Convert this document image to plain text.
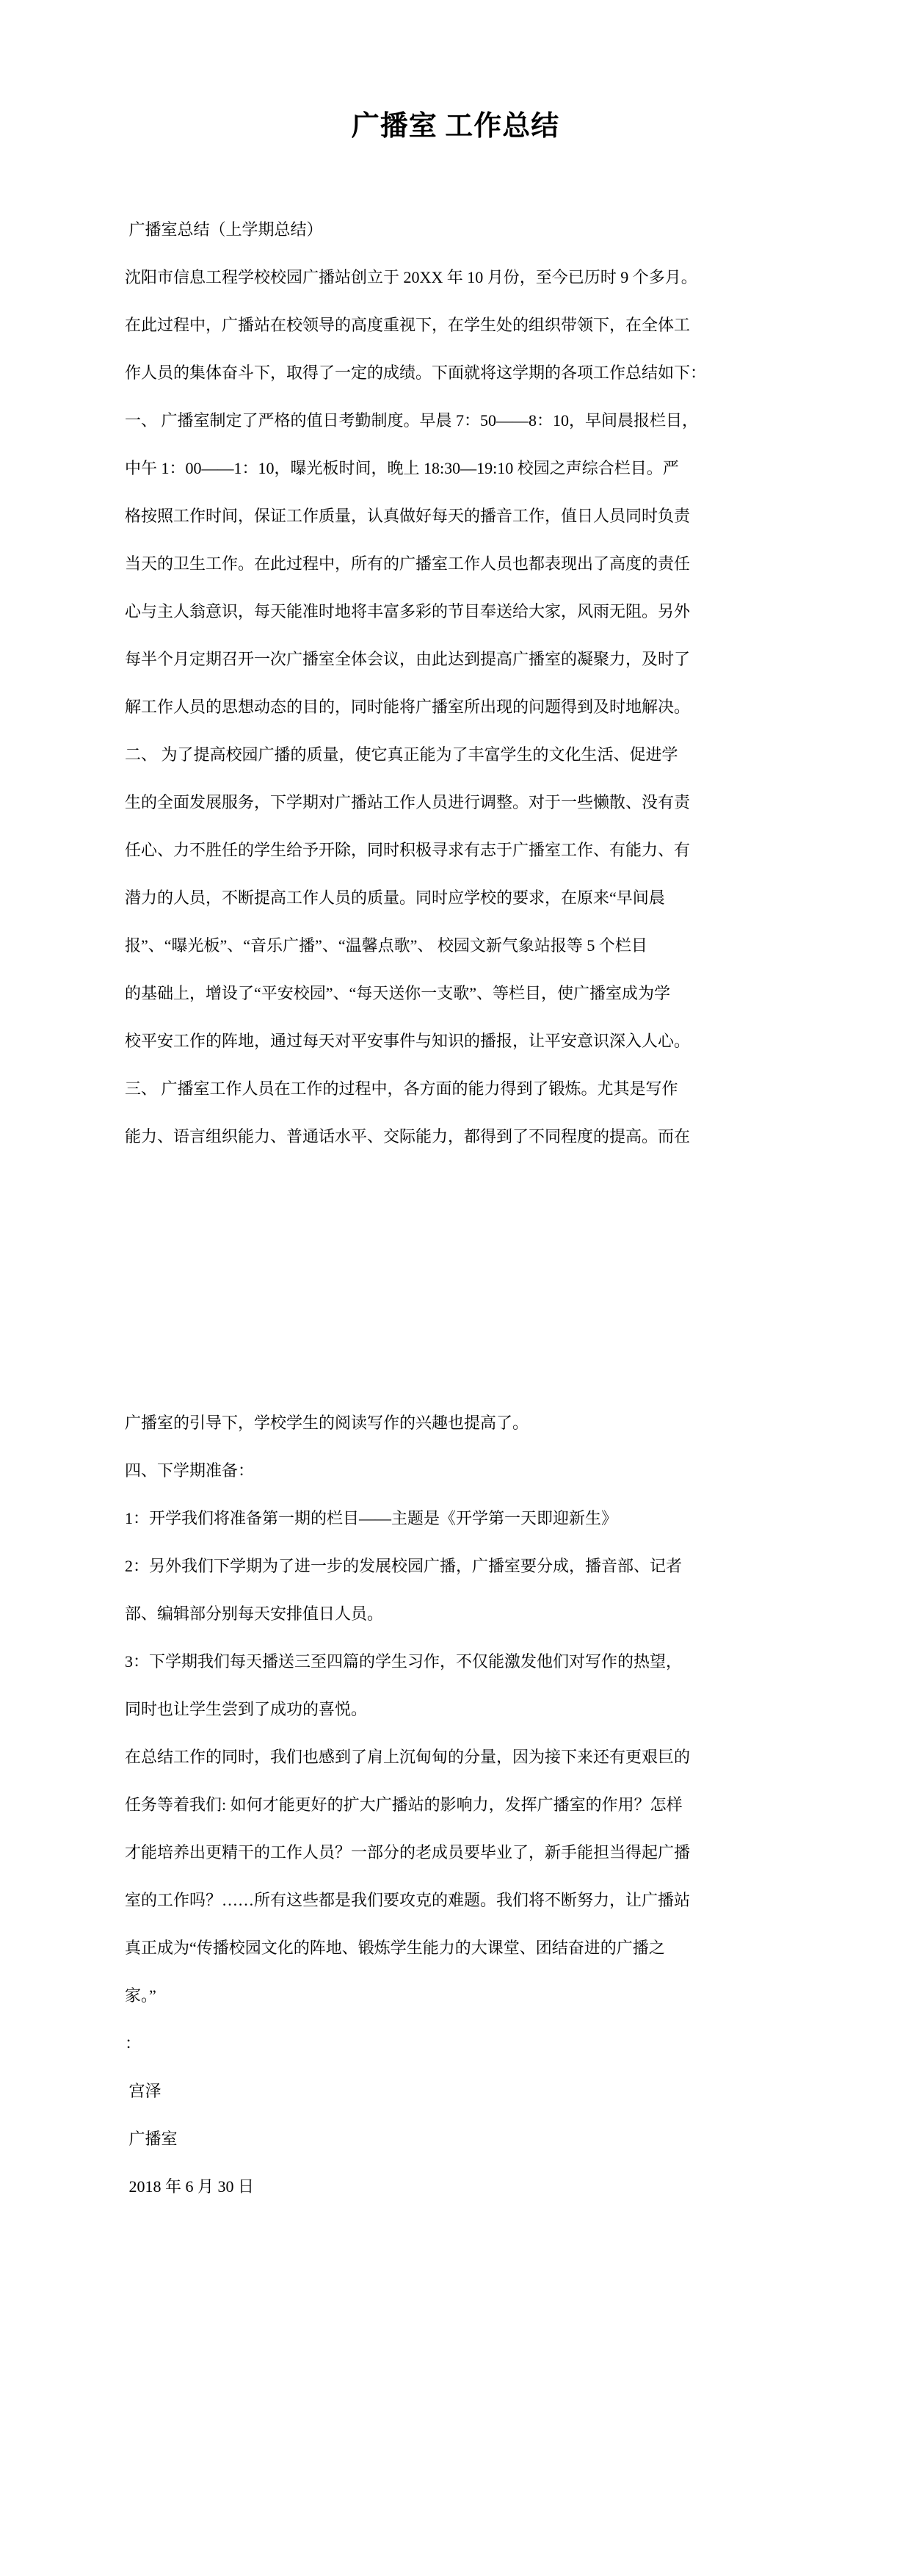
广播室 工作总结
广播室总结（上学期总结）
沈阳市信息工程学校校园广播站创立于 20XX 年 10 月份，至今已历时 9 个多月。
在此过程中，广播站在校领导的高度重视下，在学生处的组织带领下，在全体工
作人员的集体奋斗下，取得了一定的成绩。下面就将这学期的各项工作总结如下：
一、 广播室制定了严格的值日考勤制度。早晨 7：50——8：10，早间晨报栏目，
中午 1：00——1：10，曝光板时间，晚上 18:30—19:10 校园之声综合栏目。严
格按照工作时间，保证工作质量，认真做好每天的播音工作，值日人员同时负责
当天的卫生工作。在此过程中，所有的广播室工作人员也都表现出了高度的责任
心与主人翁意识，每天能准时地将丰富多彩的节目奉送给大家，风雨无阻。另外
每半个月定期召开一次广播室全体会议，由此达到提高广播室的凝聚力，及时了
解工作人员的思想动态的目的，同时能将广播室所出现的问题得到及时地解决。
二、 为了提高校园广播的质量，使它真正能为了丰富学生的文化生活、促进学
生的全面发展服务，下学期对广播站工作人员进行调整。对于一些懒散、没有责
任心、力不胜任的学生给予开除，同时积极寻求有志于广播室工作、有能力、有
潜力的人员，不断提高工作人员的质量。同时应学校的要求，在原来“早间晨
报”、“曝光板”、“音乐广播”、“温馨点歌”、 校园文新气象站报等 5 个栏目
的基础上，增设了“平安校园”、“每天送你一支歌”、等栏目，使广播室成为学
校平安工作的阵地，通过每天对平安事件与知识的播报，让平安意识深入人心。
三、 广播室工作人员在工作的过程中，各方面的能力得到了锻炼。尤其是写作
能力、语言组织能力、普通话水平、交际能力，都得到了不同程度的提高。而在
广播室的引导下，学校学生的阅读写作的兴趣也提高了。
四、下学期准备：
1：开学我们将准备第一期的栏目——主题是《开学第一天即迎新生》
2：另外我们下学期为了进一步的发展校园广播，广播室要分成，播音部、记者
部、编辑部分别每天安排值日人员。
3：下学期我们每天播送三至四篇的学生习作，不仅能激发他们对写作的热望，
同时也让学生尝到了成功的喜悦。
在总结工作的同时，我们也感到了肩上沉甸甸的分量，因为接下来还有更艰巨的
任务等着我们: 如何才能更好的扩大广播站的影响力，发挥广播室的作用？怎样
才能培养出更精干的工作人员？一部分的老成员要毕业了，新手能担当得起广播
室的工作吗？……所有这些都是我们要攻克的难题。我们将不断努力，让广播站
真正成为“传播校园文化的阵地、锻炼学生能力的大课堂、团结奋进的广播之
家。”
：
宫泽
广播室
2018 年 6 月 30 日
